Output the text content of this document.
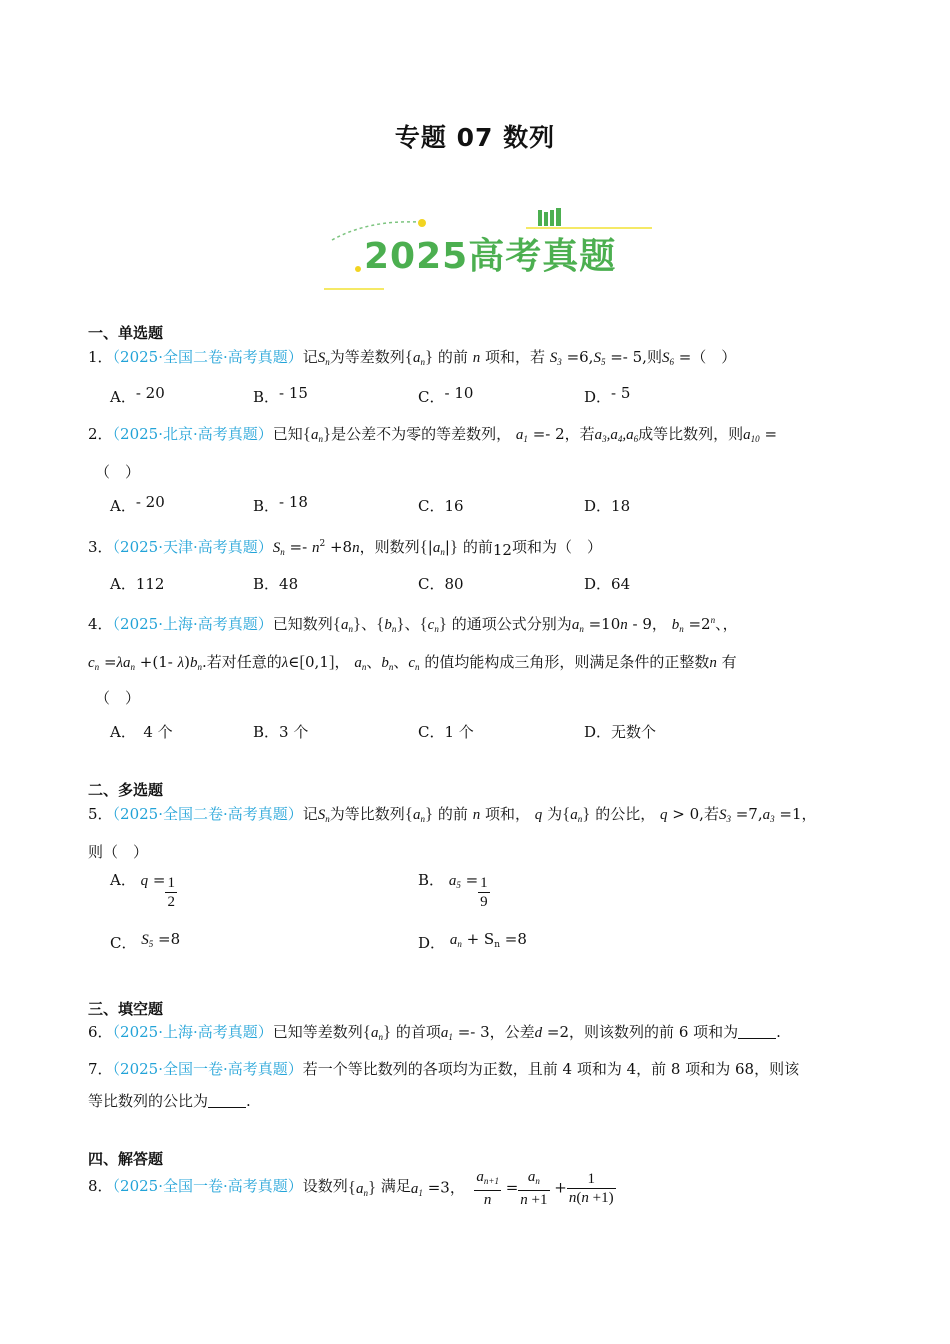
专题 07 数列
2025高考真题
一、单选题
1．（2025·全国二卷·高考真题）记$S_n$为等差数列$\{a_n\}$ 的前 n 项和，若 $S_3 =6,S_5 =- 5$,则$S_6$ =（　）
A．- 20	B．- 15	C．- 10	D．- 5
2．（2025·北京·高考真题）已知$\{a_n\}$是公差不为零的等差数列， $a_1 =- 2$，若$a_3,a_4,a_6$成等比数列，则$a_{10}$ =
（　）
A．- 20	B．- 18	C．16	D．18
3．（2025·天津·高考真题）$S_n =- n^2 +8n$，则数列$\{|a_n|\}$ 的前12项和为（　）
A．112	B．48	C．80	D．64
4．（2025·上海·高考真题）已知数列$\{a_n\}$、$\{b_n\}$、$\{c_n\}$ 的通项公式分别为$a_n =10n - 9$， $b_n =2^n$、，
$c_n =\lambda a_n +(1-$ $\lambda)b_n$.若对任意的λ∈[0,1]， $a_n$、$b_n$、$c_n$ 的值均能构成三角形，则满足条件的正整数n 有
（　）
A．　4 个	B．3 个	C．1 个	D．无数个
二、多选题
5．（2025·全国二卷·高考真题）记$S_n$为等比数列$\{a_n\}$ 的前 n 项和， q 为$\{a_n\}$ 的公比， q > 0,若$S_3 =7,a_3 =1$，
则（　）
A． $q = \frac{1}{2}$	B． $a_5 = \frac{1}{9}$
C． $S_5 =8$	D． $a_n + S_n =8$
三、填空题
6．（2025·上海·高考真题）已知等差数列$\{a_n\}$ 的首项$a_1 =- 3$，公差d =2，则该数列的前 6 项和为	.
7．（2025·全国一卷·高考真题）若一个等比数列的各项均为正数，且前 4 项和为 4，前 8 项和为 68，则该
等比数列的公比为	.
四、解答题
8．（2025·全国一卷·高考真题）设数列$\{a_n\}$ 满足$a_1 =3$， $\frac{a_{n+1}}{n} = \frac{a_n}{n +1} + \frac{1}{n(n +1)}$
